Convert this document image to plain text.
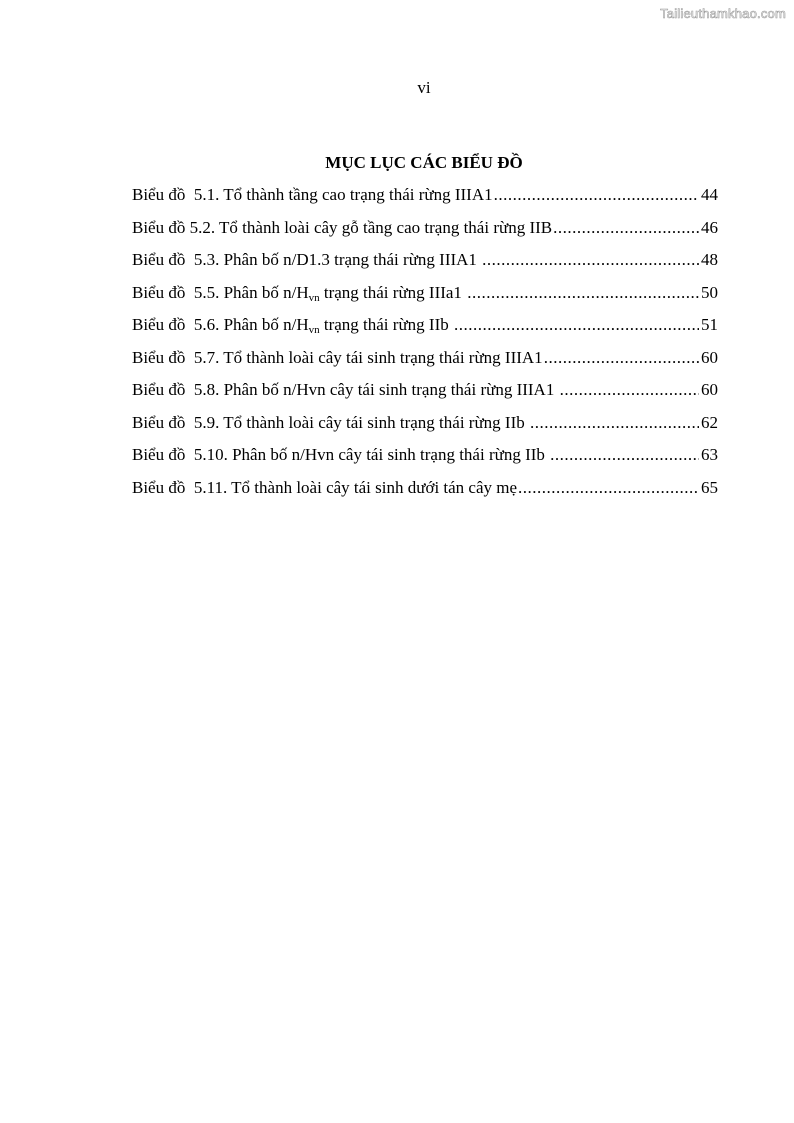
Tailieuthamkhao.com
vi
MỤC LỤC CÁC BIỂU ĐỒ
Biểu đồ  5.1. Tổ thành tầng cao trạng thái rừng IIIA1 .....	44
Biểu đồ 5.2. Tổ thành loài cây gỗ tầng cao trạng thái rừng IIB .....	46
Biểu đồ  5.3. Phân bố n/D1.3 trạng thái rừng IIIA1 .....	48
Biểu đồ  5.5. Phân bố $n/H_{vn}$ trạng thái rừng IIIa1 .....	50
Biểu đồ  5.6. Phân bố $n/H_{vn}$ trạng thái rừng IIb .....	51
Biểu đồ  5.7. Tổ thành loài cây tái sinh trạng thái rừng IIIA1 .....	60
Biểu đồ  5.8. Phân bố n/Hvn cây tái sinh trạng thái rừng IIIA1 .....	60
Biểu đồ  5.9. Tổ thành loài cây tái sinh trạng thái rừng IIb .....	62
Biểu đồ  5.10. Phân bố n/Hvn cây tái sinh trạng thái rừng IIb .....	63
Biểu đồ  5.11. Tổ thành loài cây tái sinh dưới tán cây mẹ .....	65
